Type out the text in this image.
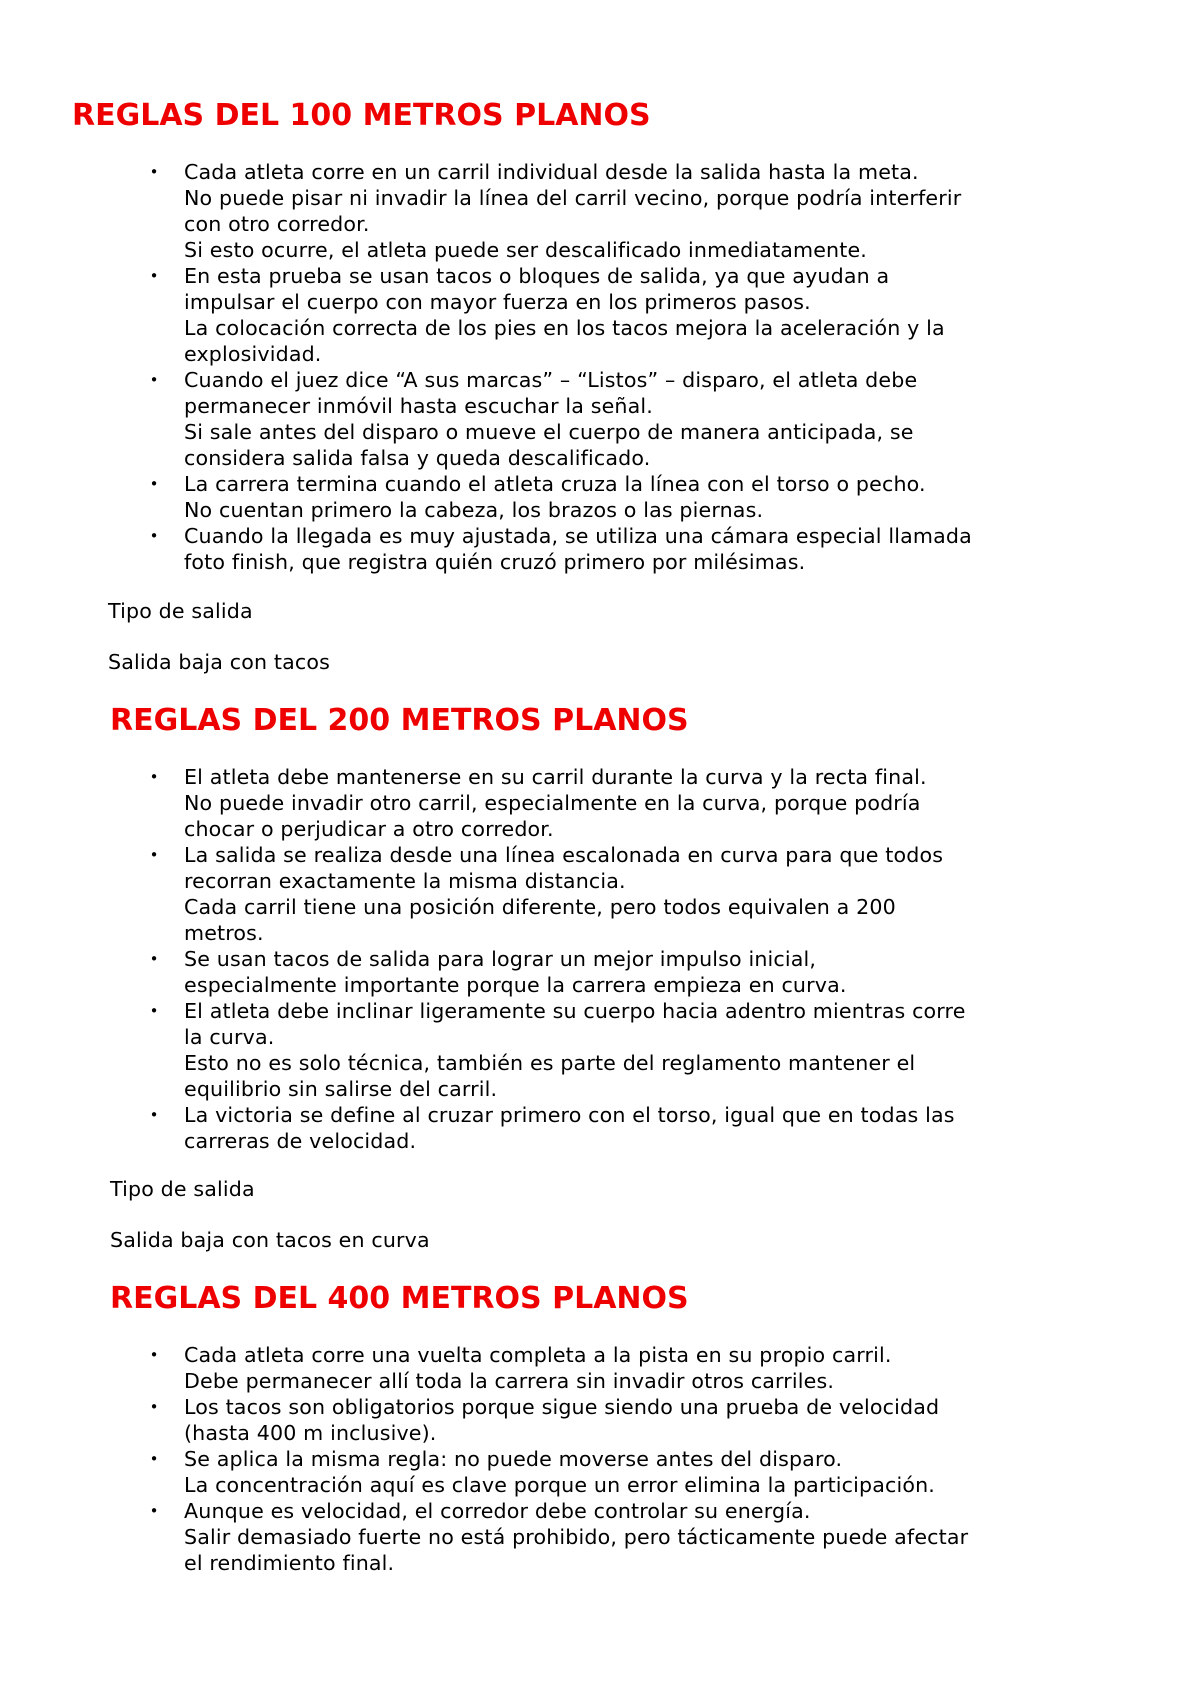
REGLAS DEL 100 METROS PLANOS
• Cada atleta corre en un carril individual desde la salida hasta la meta.
No puede pisar ni invadir la línea del carril vecino, porque podría interferir
con otro corredor.
Si esto ocurre, el atleta puede ser descalificado inmediatamente.
• En esta prueba se usan tacos o bloques de salida, ya que ayudan a
impulsar el cuerpo con mayor fuerza en los primeros pasos.
La colocación correcta de los pies en los tacos mejora la aceleración y la
explosividad.
• Cuando el juez dice “A sus marcas” – “Listos” – disparo, el atleta debe
permanecer inmóvil hasta escuchar la señal.
Si sale antes del disparo o mueve el cuerpo de manera anticipada, se
considera salida falsa y queda descalificado.
• La carrera termina cuando el atleta cruza la línea con el torso o pecho.
No cuentan primero la cabeza, los brazos o las piernas.
• Cuando la llegada es muy ajustada, se utiliza una cámara especial llamada
foto finish, que registra quién cruzó primero por milésimas.

Tipo de salida

Salida baja con tacos

REGLAS DEL 200 METROS PLANOS
• El atleta debe mantenerse en su carril durante la curva y la recta final.
No puede invadir otro carril, especialmente en la curva, porque podría
chocar o perjudicar a otro corredor.
• La salida se realiza desde una línea escalonada en curva para que todos
recorran exactamente la misma distancia.
Cada carril tiene una posición diferente, pero todos equivalen a 200
metros.
• Se usan tacos de salida para lograr un mejor impulso inicial,
especialmente importante porque la carrera empieza en curva.
• El atleta debe inclinar ligeramente su cuerpo hacia adentro mientras corre
la curva.
Esto no es solo técnica, también es parte del reglamento mantener el
equilibrio sin salirse del carril.
• La victoria se define al cruzar primero con el torso, igual que en todas las
carreras de velocidad.

Tipo de salida

Salida baja con tacos en curva

REGLAS DEL 400 METROS PLANOS
• Cada atleta corre una vuelta completa a la pista en su propio carril.
Debe permanecer allí toda la carrera sin invadir otros carriles.
• Los tacos son obligatorios porque sigue siendo una prueba de velocidad
(hasta 400 m inclusive).
• Se aplica la misma regla: no puede moverse antes del disparo.
La concentración aquí es clave porque un error elimina la participación.
• Aunque es velocidad, el corredor debe controlar su energía.
Salir demasiado fuerte no está prohibido, pero tácticamente puede afectar
el rendimiento final.
